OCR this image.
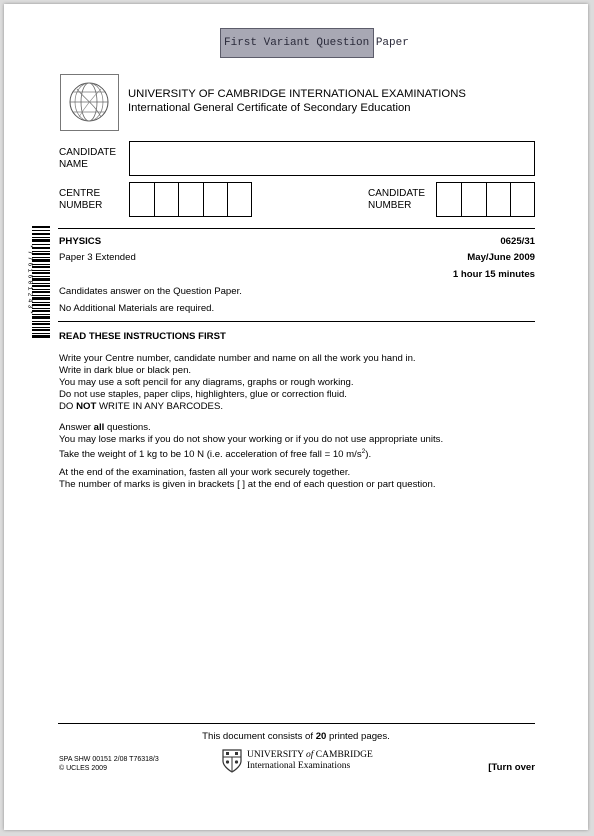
First Variant Question Paper
UNIVERSITY OF CAMBRIDGE INTERNATIONAL EXAMINATIONS
International General Certificate of Secondary Education
CANDIDATE
NAME
CENTRE
NUMBER
CANDIDATE
NUMBER
*7761601243*
PHYSICS	0625/31
Paper 3 Extended	May/June 2009
1 hour 15 minutes
Candidates answer on the Question Paper.
No Additional Materials are required.
READ THESE INSTRUCTIONS FIRST
Write your Centre number, candidate number and name on all the work you hand in.
Write in dark blue or black pen.
You may use a soft pencil for any diagrams, graphs or rough working.
Do not use staples, paper clips, highlighters, glue or correction fluid.
DO NOT WRITE IN ANY BARCODES.
Answer all questions.
You may lose marks if you do not show your working or if you do not use appropriate units.
Take the weight of 1 kg to be 10 N (i.e. acceleration of free fall = 10 $m/s^2$).
At the end of the examination, fasten all your work securely together.
The number of marks is given in brackets [ ] at the end of each question or part question.
This document consists of 20 printed pages.
SPA SHW 00151 2/08 T76318/3
© UCLES 2009
UNIVERSITY of CAMBRIDGE
International Examinations	[Turn over
